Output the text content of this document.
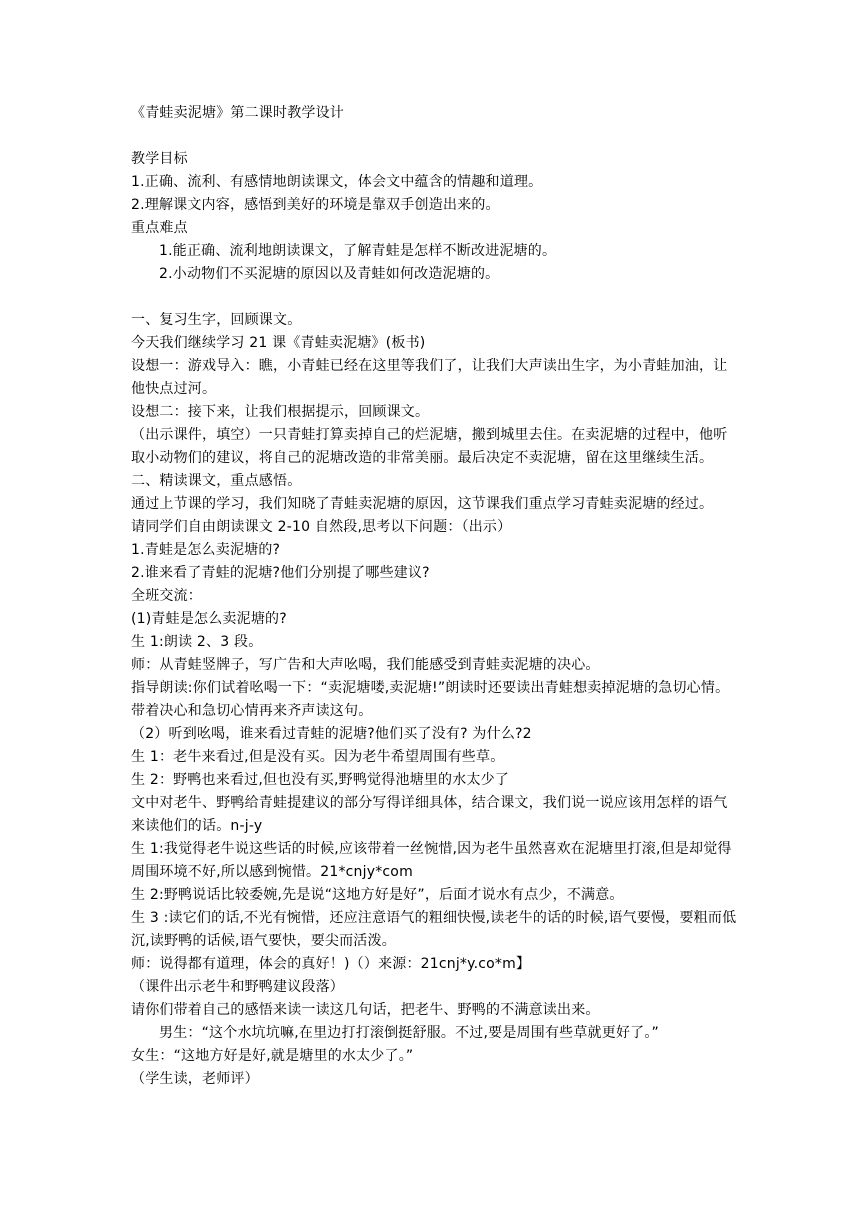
《青蛙卖泥塘》第二课时教学设计
教学目标
1.正确、流利、有感情地朗读课文，体会文中蕴含的情趣和道理。
2.理解课文内容，感悟到美好的环境是靠双手创造出来的。
重点难点
1.能正确、流利地朗读课文，了解青蛙是怎样不断改进泥塘的。
2.小动物们不买泥塘的原因以及青蛙如何改造泥塘的。
一、复习生字，回顾课文。
今天我们继续学习 21 课《青蛙卖泥塘》(板书)
设想一：游戏导入：瞧，小青蛙已经在这里等我们了，让我们大声读出生字，为小青蛙加油，让他快点过河。
设想二：接下来，让我们根据提示，回顾课文。
（出示课件，填空）一只青蛙打算卖掉自己的烂泥塘，搬到城里去住。在卖泥塘的过程中，他听取小动物们的建议，将自己的泥塘改造的非常美丽。最后决定不卖泥塘，留在这里继续生活。
二、精读课文，重点感悟。
通过上节课的学习，我们知晓了青蛙卖泥塘的原因，这节课我们重点学习青蛙卖泥塘的经过。
请同学们自由朗读课文 2-10 自然段,思考以下问题：（出示）
1.青蛙是怎么卖泥塘的?
2.谁来看了青蛙的泥塘?他们分别提了哪些建议?
全班交流：
(1)青蛙是怎么卖泥塘的?
生 1:朗读 2、3 段。
师：从青蛙竖牌子，写广告和大声吆喝，我们能感受到青蛙卖泥塘的决心。
指导朗读:你们试着吆喝一下：“卖泥塘喽,卖泥塘!”朗读时还要读出青蛙想卖掉泥塘的急切心情。带着决心和急切心情再来齐声读这句。
（2）听到吆喝，谁来看过青蛙的泥塘?他们买了没有? 为什么?2
生 1：老牛来看过,但是没有买。因为老牛希望周围有些草。
生 2：野鸭也来看过,但也没有买,野鸭觉得池塘里的水太少了
文中对老牛、野鸭给青蛙提建议的部分写得详细具体，结合课文，我们说一说应该用怎样的语气来读他们的话。n-j-y
生 1:我觉得老牛说这些话的时候,应该带着一丝惋惜,因为老牛虽然喜欢在泥塘里打滚,但是却觉得周围环境不好,所以感到惋惜。21*cnjy*com
生 2:野鸭说话比较委婉,先是说“这地方好是好”，后面才说水有点少，不满意。
生 3 :读它们的话,不光有惋惜，还应注意语气的粗细快慢,读老牛的话的时候,语气要慢，要粗而低沉,读野鸭的话候,语气要快，要尖而活泼。
师：说得都有道理，体会的真好！)（）来源：21cnj*y.co*m】
（课件出示老牛和野鸭建议段落）
请你们带着自己的感悟来读一读这几句话，把老牛、野鸭的不满意读出来。
男生：“这个水坑坑嘛,在里边打打滚倒挺舒服。不过,要是周围有些草就更好了。”
女生：“这地方好是好,就是塘里的水太少了。”
（学生读，老师评）
